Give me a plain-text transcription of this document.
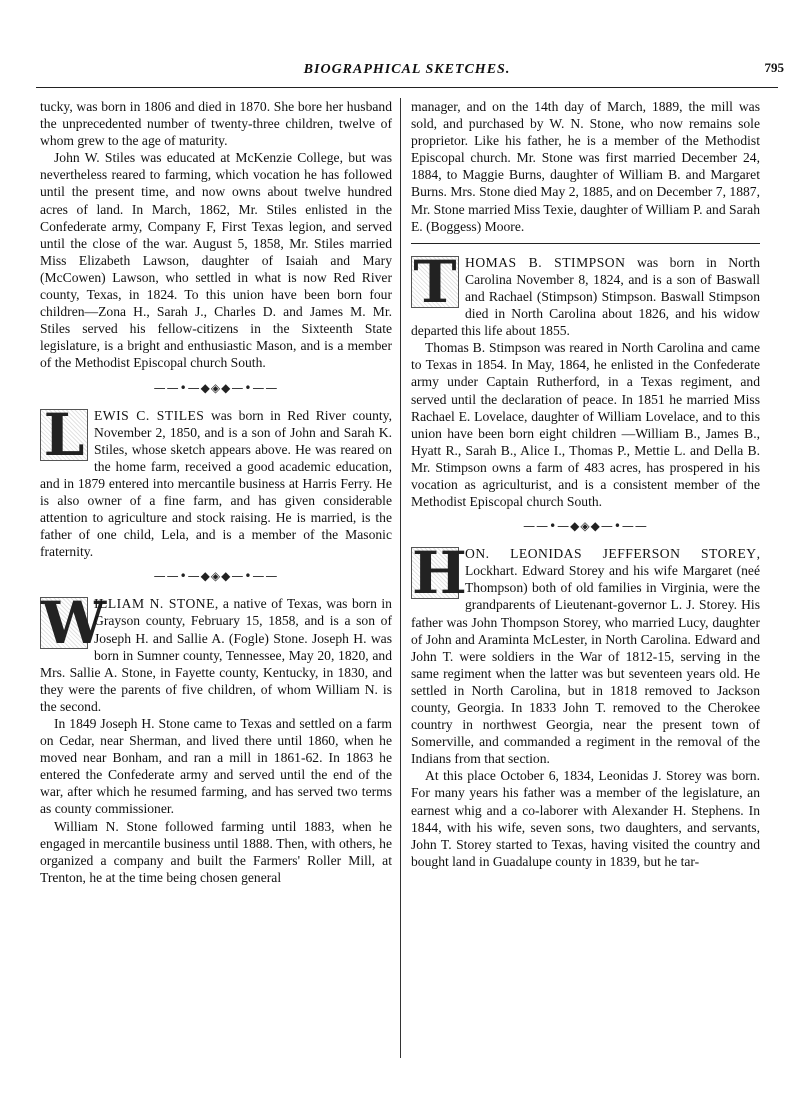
BIOGRAPHICAL SKETCHES.	795

tucky, was born in 1806 and died in 1870. She bore her husband the unprecedented number of twenty-three children, twelve of whom grew to the age of maturity.

John W. Stiles was educated at McKenzie College, but was nevertheless reared to farming, which vocation he has followed until the present time, and now owns about twelve hundred acres of land. In March, 1862, Mr. Stiles enlisted in the Confederate army, Company F, First Texas legion, and served until the close of the war. August 5, 1858, Mr. Stiles married Miss Elizabeth Lawson, daughter of Isaiah and Mary (McCowen) Lawson, who settled in what is now Red River county, Texas, in 1824. To this union have been born four children—Zona H., Sarah J., Charles D. and James M. Mr. Stiles served his fellow-citizens in the Sixteenth State legislature, is a bright and enthusiastic Mason, and is a member of the Methodist Episcopal church South.

——•—◆◈◆—•——
L EWIS C. STILES was born in Red River county, November 2, 1850, and is a son of John and Sarah K. Stiles, whose sketch appears above. He was reared on the home farm, received a good academic education, and in 1879 entered into mercantile business at Harris Ferry. He is also owner of a fine farm, and has given considerable attention to agriculture and stock raising. He is married, is the father of one child, Lela, and is a member of the Masonic fraternity.

——•—◆◈◆—•——
W

ILLIAM N. STONE, a native of Texas, was born in Grayson county, February 15, 1858, and is a son of Joseph H. and Sallie A. (Fogle) Stone. Joseph H. was born in Sumner county, Tennessee, May 20, 1820, and Mrs. Sallie A. Stone, in Fayette county, Kentucky, in 1830, and they were the parents of five children, of whom William N. is the second.

In 1849 Joseph H. Stone came to Texas and settled on a farm on Cedar, near Sherman, and lived there until 1860, when he moved near Bonham, and ran a mill in 1861-62. In 1863 he entered the Confederate army and served until the end of the war, after which he resumed farming, and has served two terms as county commissioner.

William N. Stone followed farming until 1883, when he engaged in mercantile business until 1888. Then, with others, he organized a company and built the Farmers' Roller Mill, at Trenton, he at the time being chosen general

manager, and on the 14th day of March, 1889, the mill was sold, and purchased by W. N. Stone, who now remains sole proprietor. Like his father, he is a member of the Methodist Episcopal church. Mr. Stone was first married December 24, 1884, to Maggie Burns, daughter of William B. and Margaret Burns. Mrs. Stone died May 2, 1885, and on December 7, 1887, Mr. Stone married Miss Texie, daughter of William P. and Sarah E. (Boggess) Moore.

T HOMAS B. STIMPSON was born in North Carolina November 8, 1824, and is a son of Baswall and Rachael (Stimpson) Stimpson. Baswall Stimpson died in North Carolina about 1826, and his widow departed this life about 1855.

Thomas B. Stimpson was reared in North Carolina and came to Texas in 1854. In May, 1864, he enlisted in the Confederate army under Captain Rutherford, in a Texas regiment, and served until the declaration of peace. In 1851 he married Miss Rachael E. Lovelace, daughter of William Lovelace, and to this union have been born eight children —William B., James B., Hyatt R., Sarah B., Alice I., Thomas P., Mettie L. and Della B. Mr. Stimpson owns a farm of 483 acres, has prospered in his vocation as agriculturist, and is a consistent member of the Methodist Episcopal church South.

——•—◆◈◆—•——
H

ON. LEONIDAS JEFFERSON STOREY, Lockhart. Edward Storey and his wife Margaret (neé Thompson) both of old families in Virginia, were the grandparents of Lieutenant-governor L. J. Storey. His father was John Thompson Storey, who married Lucy, daughter of John and Araminta McLester, in North Carolina. Edward and John T. were soldiers in the War of 1812-15, serving in the same regiment when the latter was but seventeen years old. He settled in North Carolina, but in 1818 removed to Jackson county, Georgia. In 1833 John T. removed to the Cherokee country in northwest Georgia, near the present town of Somerville, and commanded a regiment in the removal of the Indians from that section.

At this place October 6, 1834, Leonidas J. Storey was born. For many years his father was a member of the legislature, an earnest whig and a co-laborer with Alexander H. Stephens. In 1844, with his wife, seven sons, two daughters, and servants, John T. Storey started to Texas, having visited the country and bought land in Guadalupe county in 1839, but he tar-
